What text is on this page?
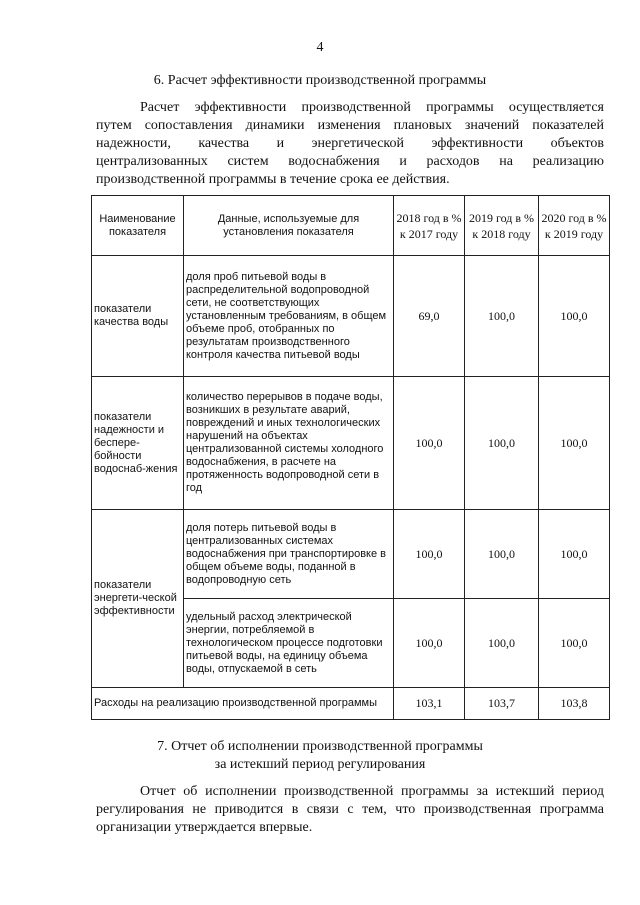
4
6. Расчет эффективности производственной программы
Расчет эффективности производственной программы осуществляется
путем сопоставления динамики изменения плановых значений показателей
надежности, качества и энергетической эффективности объектов
централизованных систем водоснабжения и расходов на реализацию
производственной программы в течение срока ее действия.
Наименование показателя	Данные, используемые для установления показателя	2018 год в % к 2017 году	2019 год в % к 2018 году	2020 год в % к 2019 году
показатели качества воды	доля проб питьевой воды в распределительной водопроводной сети, не соответствующих установленным требованиям, в общем объеме проб, отобранных по результатам производственного контроля качества питьевой воды	69,0	100,0	100,0
показатели надежности и беспере-бойности водоснаб-жения	количество перерывов в подаче воды, возникших в результате аварий, повреждений и иных технологических нарушений на объектах централизованной системы холодного водоснабжения, в расчете на протяженность водопроводной сети в год	100,0	100,0	100,0
показатели энергети-ческой эффективности	доля потерь питьевой воды в централизованных системах водоснабжения при транспортировке в общем объеме воды, поданной в водопроводную сеть	100,0	100,0	100,0
	удельный расход электрической энергии, потребляемой в технологическом процессе подготовки питьевой воды, на единицу объема воды, отпускаемой в сеть	100,0	100,0	100,0
Расходы на реализацию производственной программы		103,1	103,7	103,8
7. Отчет об исполнении производственной программы
за истекший период регулирования
Отчет об исполнении производственной программы за истекший период
регулирования не приводится в связи с тем, что производственная программа
организации утверждается впервые.
